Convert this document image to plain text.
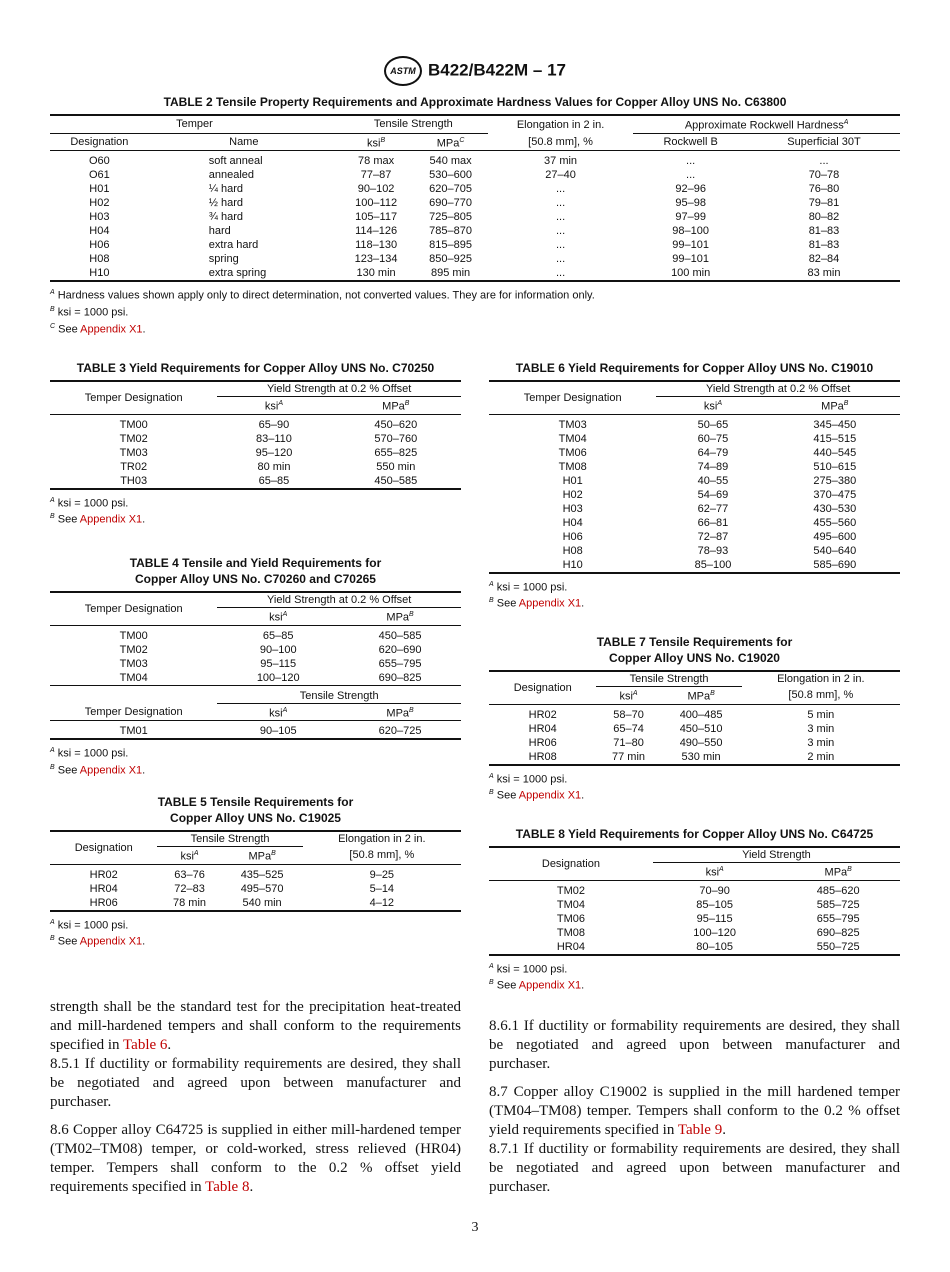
ASTM B422/B422M – 17
TABLE 2 Tensile Property Requirements and Approximate Hardness Values for Copper Alloy UNS No. C63800
Temper		Tensile Strength		Elongation in 2 in.	Approximate Rockwell Hardness$^A$
Designation	Name	ksi$^B$	MPa$^C$	[50.8 mm], %	Rockwell B	Superficial 30T
O60	soft anneal	78 max	540 max	37 min	...	...
O61	annealed	77–87	530–600	27–40	...	70–78
H01	¼ hard	90–102	620–705	...	92–96	76–80
H02	½ hard	100–112	690–770	...	95–98	79–81
H03	¾ hard	105–117	725–805	...	97–99	80–82
H04	hard	114–126	785–870	...	98–100	81–83
H06	extra hard	118–130	815–895	...	99–101	81–83
H08	spring	123–134	850–925	...	99–101	82–84
H10	extra spring	130 min	895 min	...	100 min	83 min
$^A$ Hardness values shown apply only to direct determination, not converted values. They are for information only.
$^B$ ksi = 1000 psi.
$^C$ See Appendix X1.
TABLE 3 Yield Requirements for Copper Alloy UNS No. C70250
Temper Designation	Yield Strength at 0.2 % Offset	
	ksi$^A$	MPa$^B$
TM00	65–90	450–620
TM02	83–110	570–760
TM03	95–120	655–825
TR02	80 min	550 min
TH03	65–85	450–585
$^A$ ksi = 1000 psi.
$^B$ See Appendix X1.
TABLE 4 Tensile and Yield Requirements for
Copper Alloy UNS No. C70260 and C70265
Temper Designation	Yield Strength at 0.2 % Offset	
	ksi$^A$	MPa$^B$
TM00	65–85	450–585
TM02	90–100	620–690
TM03	95–115	655–795
TM04	100–120	690–825
	Tensile Strength	
Temper Designation	ksi$^A$	MPa$^B$
TM01	90–105	620–725
$^A$ ksi = 1000 psi.
$^B$ See Appendix X1.
TABLE 5 Tensile Requirements for
Copper Alloy UNS No. C19025
Designation	Tensile Strength		Elongation in 2 in.
	ksi$^A$	MPa$^B$	[50.8 mm], %
HR02	63–76	435–525	9–25
HR04	72–83	495–570	5–14
HR06	78 min	540 min	4–12
$^A$ ksi = 1000 psi.
$^B$ See Appendix X1.
TABLE 6 Yield Requirements for Copper Alloy UNS No. C19010
Temper Designation	Yield Strength at 0.2 % Offset	
	ksi$^A$	MPa$^B$
TM03	50–65	345–450
TM04	60–75	415–515
TM06	64–79	440–545
TM08	74–89	510–615
H01	40–55	275–380
H02	54–69	370–475
H03	62–77	430–530
H04	66–81	455–560
H06	72–87	495–600
H08	78–93	540–640
H10	85–100	585–690
$^A$ ksi = 1000 psi.
$^B$ See Appendix X1.
TABLE 7 Tensile Requirements for
Copper Alloy UNS No. C19020
Designation	Tensile Strength		Elongation in 2 in.
	ksi$^A$	MPa$^B$	[50.8 mm], %
HR02	58–70	400–485	5 min
HR04	65–74	450–510	3 min
HR06	71–80	490–550	3 min
HR08	77 min	530 min	2 min
$^A$ ksi = 1000 psi.
$^B$ See Appendix X1.
TABLE 8 Yield Requirements for Copper Alloy UNS No. C64725
Designation	Yield Strength	
	ksi$^A$	MPa$^B$
TM02	70–90	485–620
TM04	85–105	585–725
TM06	95–115	655–795
TM08	100–120	690–825
HR04	80–105	550–725
$^A$ ksi = 1000 psi.
$^B$ See Appendix X1.

strength shall be the standard test for the precipitation heat-treated and mill-hardened tempers and shall conform to the requirements specified in Table 6.

8.5.1 If ductility or formability requirements are desired, they shall be negotiated and agreed upon between manufacturer and purchaser.

8.6 Copper alloy C64725 is supplied in either mill-hardened temper (TM02–TM08) temper, or cold-worked, stress relieved (HR04) temper. Tempers shall conform to the 0.2 % offset yield requirements specified in Table 8.

8.6.1 If ductility or formability requirements are desired, they shall be negotiated and agreed upon between manufacturer and purchaser.

8.7 Copper alloy C19002 is supplied in the mill hardened temper (TM04–TM08) temper. Tempers shall conform to the 0.2 % offset yield requirements specified in Table 9.

8.7.1 If ductility or formability requirements are desired, they shall be negotiated and agreed upon between manufacturer and purchaser.

3
